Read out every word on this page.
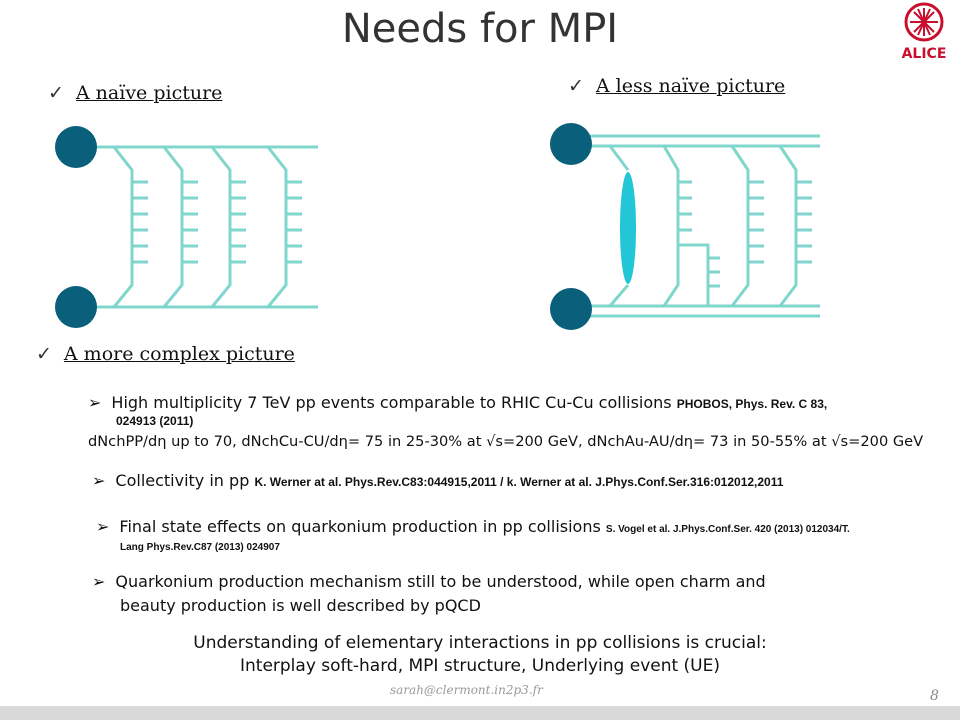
Needs for MPI
ALICE
✓ A naïve picture	✓ A less naïve picture
✓ A more complex picture
➢ High multiplicity 7 TeV pp events comparable to RHIC Cu-Cu collisions PHOBOS, Phys. Rev. C 83,
024913 (2011)
dNchPP/dη up to 70, dNchCu-CU/dη= 75 in 25-30% at √s=200 GeV, dNchAu-AU/dη= 73 in 50-55% at √s=200 GeV
➢ Collectivity in pp K. Werner at al. Phys.Rev.C83:044915,2011 / k. Werner at al. J.Phys.Conf.Ser.316:012012,2011
➢ Final state effects on quarkonium production in pp collisions S. Vogel et al. J.Phys.Conf.Ser. 420 (2013) 012034/T.
Lang Phys.Rev.C87 (2013) 024907
➢ Quarkonium production mechanism still to be understood, while open charm and
beauty production is well described by pQCD
Understanding of elementary interactions in pp collisions is crucial:
Interplay soft-hard, MPI structure, Underlying event (UE)
sarah@clermont.in2p3.fr	8
